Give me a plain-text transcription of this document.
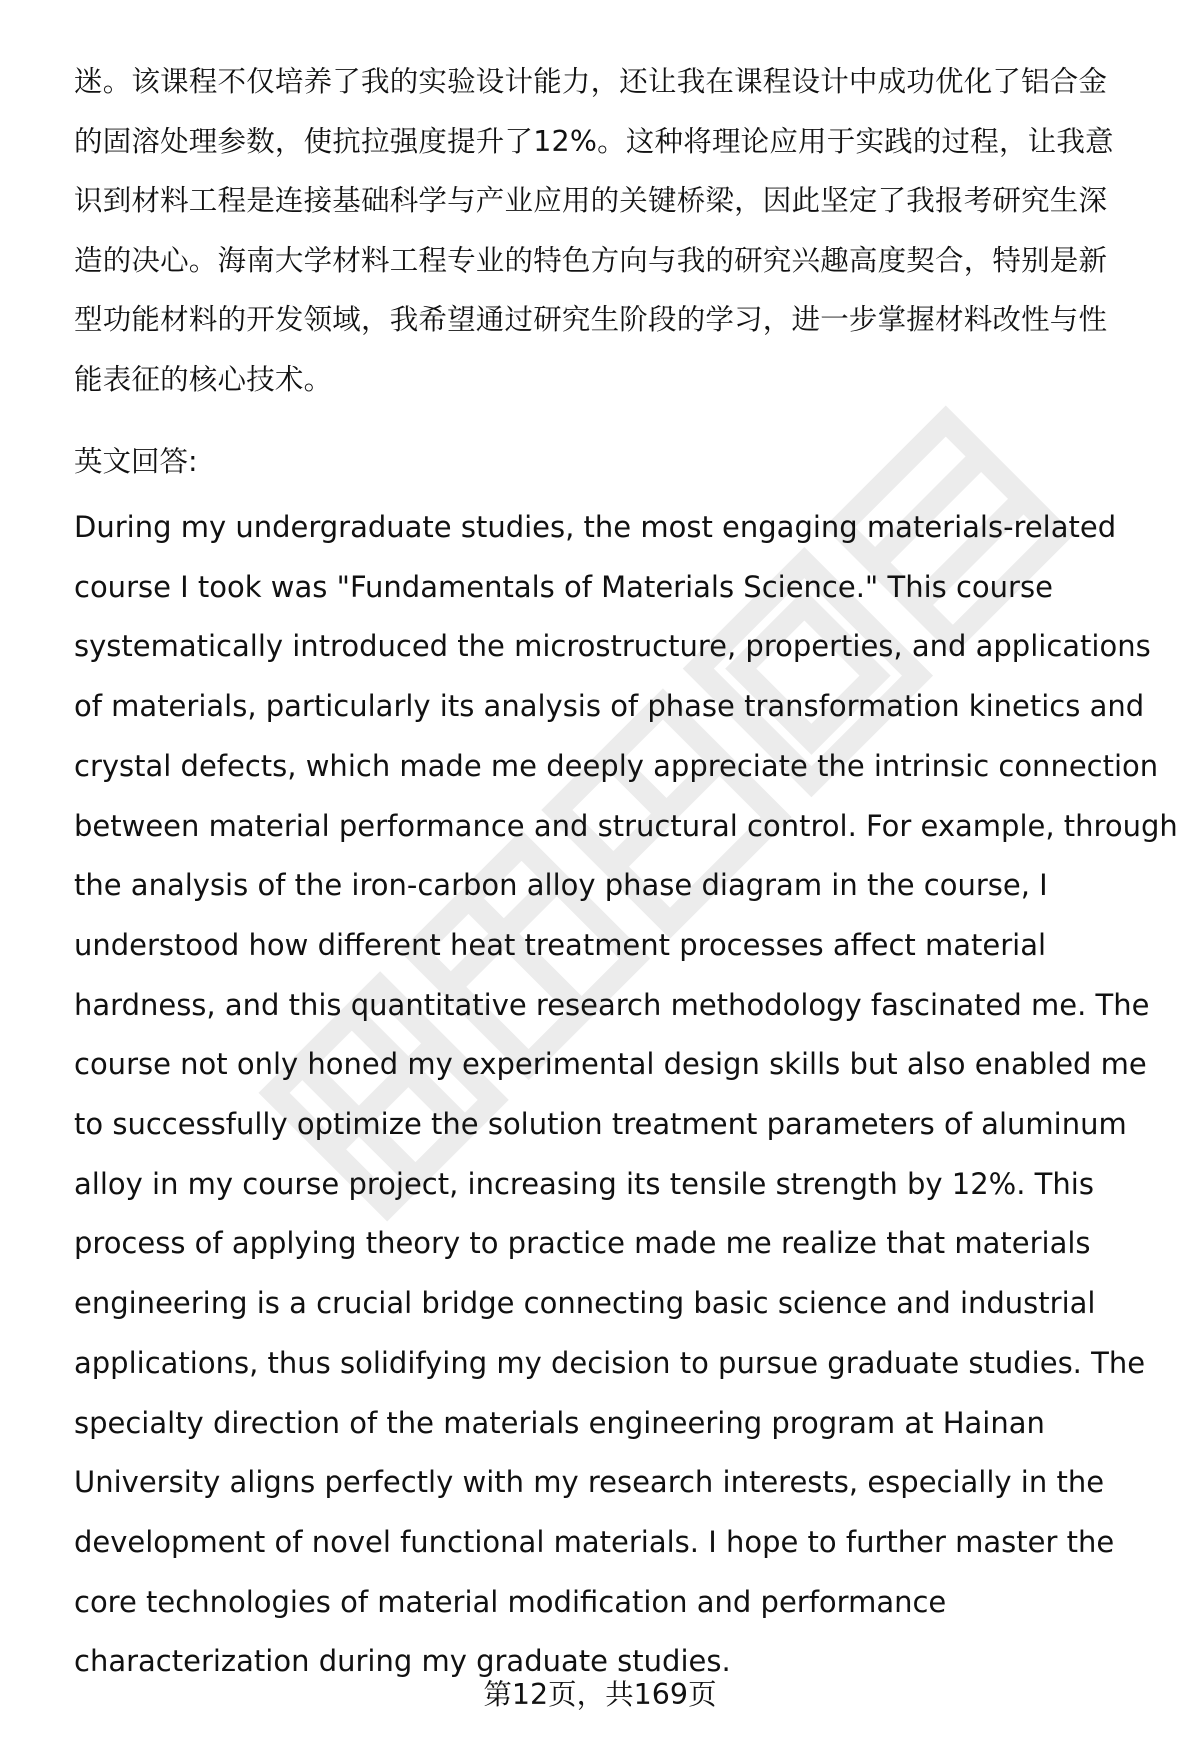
迷。该课程不仅培养了我的实验设计能力，还让我在课程设计中成功优化了铝合金
的固溶处理参数，使抗拉强度提升了12%。这种将理论应用于实践的过程，让我意
识到材料工程是连接基础科学与产业应用的关键桥梁，因此坚定了我报考研究生深
造的决心。海南大学材料工程专业的特色方向与我的研究兴趣高度契合，特别是新
型功能材料的开发领域，我希望通过研究生阶段的学习，进一步掌握材料改性与性
能表征的核心技术。
英文回答:
During my undergraduate studies, the most engaging materials-related
course I took was "Fundamentals of Materials Science." This course
systematically introduced the microstructure, properties, and applications
of materials, particularly its analysis of phase transformation kinetics and
crystal defects, which made me deeply appreciate the intrinsic connection
between material performance and structural control. For example, through
the analysis of the iron-carbon alloy phase diagram in the course, I
understood how different heat treatment processes affect material
hardness, and this quantitative research methodology fascinated me. The
course not only honed my experimental design skills but also enabled me
to successfully optimize the solution treatment parameters of aluminum
alloy in my course project, increasing its tensile strength by 12%. This
process of applying theory to practice made me realize that materials
engineering is a crucial bridge connecting basic science and industrial
applications, thus solidifying my decision to pursue graduate studies. The
specialty direction of the materials engineering program at Hainan
University aligns perfectly with my research interests, especially in the
development of novel functional materials. I hope to further master the
core technologies of material modification and performance
characterization during my graduate studies.
第12页，共169页
